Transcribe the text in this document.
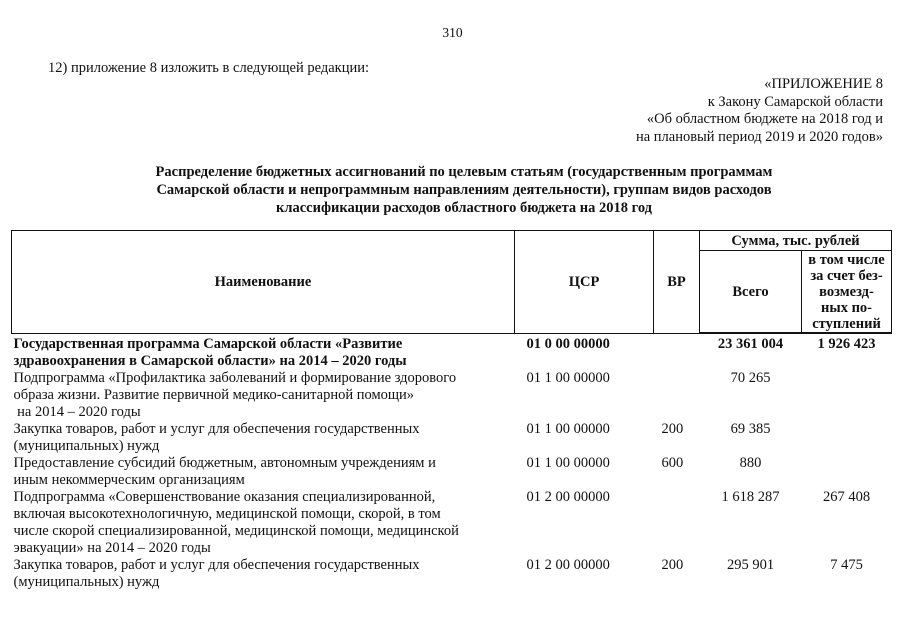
310
12) приложение 8 изложить в следующей редакции:
«ПРИЛОЖЕНИЕ 8
к Закону Самарской области
«Об областном бюджете на 2018 год и
на плановый период 2019 и 2020 годов»
Распределение бюджетных ассигнований по целевым статьям (государственным программам
Самарской области и непрограммным направлениям деятельности), группам видов расходов
классификации расходов областного бюджета на 2018 год
Наименование	ЦСР	ВР	Сумма, тыс. рублей	
			Всего	в том числе
за счет без-
возмезд-
ных по-
ступлений

Государственная программа Самарской области «Развитие
здравоохранения в Самарской области» на 2014 – 2020 годы	01 0 00 00000		23 361 004	1 926 423

Подпрограмма «Профилактика заболеваний и формирование здорового
образа жизни. Развитие первичной медико-санитарной помощи»
на 2014 – 2020 годы	01 1 00 00000		70 265	

Закупка товаров, работ и услуг для обеспечения государственных
(муниципальных) нужд	01 1 00 00000	200	69 385	

Предоставление субсидий бюджетным, автономным учреждениям и
иным некоммерческим организациям	01 1 00 00000	600	880	

Подпрограмма «Совершенствование оказания специализированной,
включая высокотехнологичную, медицинской помощи, скорой, в том
числе скорой специализированной, медицинской помощи, медицинской
эвакуации» на 2014 – 2020 годы	01 2 00 00000		1 618 287	267 408

Закупка товаров, работ и услуг для обеспечения государственных
(муниципальных) нужд	01 2 00 00000	200	295 901	7 475
